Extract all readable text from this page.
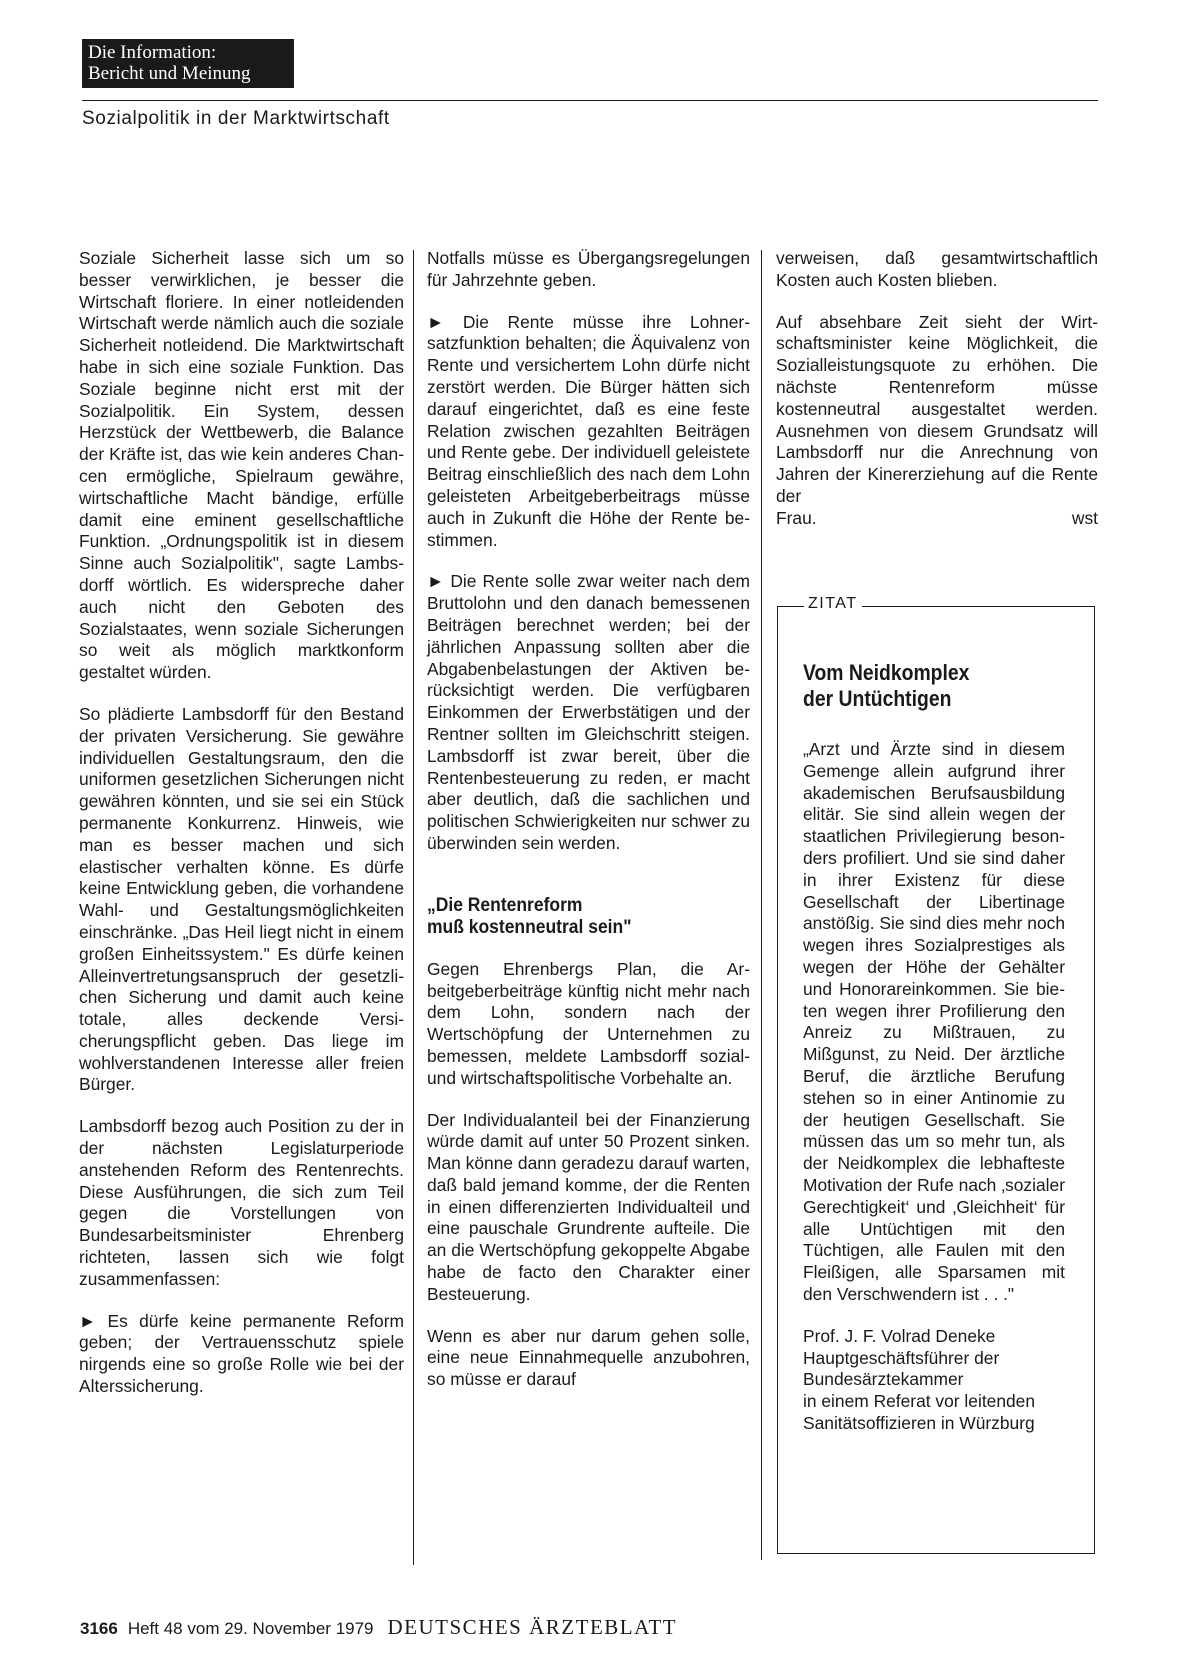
Die Information:
Bericht und Meinung
Sozialpolitik in der Marktwirtschaft

Soziale Sicherheit lasse sich um so besser verwirklichen, je besser die Wirtschaft floriere. In einer notleidenden Wirtschaft werde nämlich auch die soziale Sicherheit notleidend. Die Marktwirtschaft habe in sich eine soziale Funktion. Das Soziale beginne nicht erst mit der Sozialpolitik. Ein System, dessen Herzstück der Wettbewerb, die Balance der Kräfte ist, das wie kein anderes Chancen ermögliche, Spielraum gewähre, wirtschaftliche Macht bändige, erfülle damit eine eminent gesellschaftliche Funktion. „Ordnungspolitik ist in diesem Sinne auch Sozialpolitik", sagte Lambsdorff wörtlich. Es widerspreche daher auch nicht den Geboten des Sozialstaates, wenn soziale Sicherungen so weit als möglich marktkonform gestaltet würden.

So plädierte Lambsdorff für den Bestand der privaten Versicherung. Sie gewähre individuellen Gestaltungsraum, den die uniformen gesetzlichen Sicherungen nicht gewähren könnten, und sie sei ein Stück permanente Konkurrenz. Hinweis, wie man es besser machen und sich elastischer verhalten könne. Es dürfe keine Entwicklung geben, die vorhandene Wahl- und Gestaltungsmöglichkeiten einschränke. „Das Heil liegt nicht in einem großen Einheitssystem." Es dürfe keinen Alleinvertretungsanspruch der gesetzlichen Sicherung und damit auch keine totale, alles deckende Versicherungspflicht geben. Das liege im wohlverstandenen Interesse aller freien Bürger.

Lambsdorff bezog auch Position zu der in der nächsten Legislaturperiode anstehenden Reform des Rentenrechts. Diese Ausführungen, die sich zum Teil gegen die Vorstellungen von Bundesarbeitsminister Ehrenberg richteten, lassen sich wie folgt zusammenfassen:

► Es dürfe keine permanente Reform geben; der Vertrauensschutz spiele nirgends eine so große Rolle wie bei der Alterssicherung.

Notfalls müsse es Übergangsregelungen für Jahrzehnte geben.

► Die Rente müsse ihre Lohnersatzfunktion behalten; die Äquivalenz von Rente und versichertem Lohn dürfe nicht zerstört werden. Die Bürger hätten sich darauf eingerichtet, daß es eine feste Relation zwischen gezahlten Beiträgen und Rente gebe. Der individuell geleistete Beitrag einschließlich des nach dem Lohn geleisteten Arbeitgeberbeitrags müsse auch in Zukunft die Höhe der Rente bestimmen.

► Die Rente solle zwar weiter nach dem Bruttolohn und den danach bemessenen Beiträgen berechnet werden; bei der jährlichen Anpassung sollten aber die Abgabenbelastungen der Aktiven berücksichtigt werden. Die verfügbaren Einkommen der Erwerbstätigen und der Rentner sollten im Gleichschritt steigen. Lambsdorff ist zwar bereit, über die Rentenbesteuerung zu reden, er macht aber deutlich, daß die sachlichen und politischen Schwierigkeiten nur schwer zu überwinden sein werden.

„Die Rentenreform
muß kostenneutral sein"

Gegen Ehrenbergs Plan, die Arbeitgeberbeiträge künftig nicht mehr nach dem Lohn, sondern nach der Wertschöpfung der Unternehmen zu bemessen, meldete Lambsdorff sozial- und wirtschaftspolitische Vorbehalte an.

Der Individualanteil bei der Finanzierung würde damit auf unter 50 Prozent sinken. Man könne dann geradezu darauf warten, daß bald jemand komme, der die Renten in einen differenzierten Individualteil und eine pauschale Grundrente aufteile. Die an die Wertschöpfung gekoppelte Abgabe habe de facto den Charakter einer Besteuerung.

Wenn es aber nur darum gehen solle, eine neue Einnahmequelle anzubohren, so müsse er darauf

verweisen, daß gesamtwirtschaftlich Kosten auch Kosten blieben.

Auf absehbare Zeit sieht der Wirtschaftsminister keine Möglichkeit, die Sozialleistungsquote zu erhöhen. Die nächste Rentenreform müsse kostenneutral ausgestaltet werden. Ausnehmen von diesem Grundsatz will Lambsdorff nur die Anrechnung von Jahren der Kinererziehung auf die Rente der
Frau.	wst

ZITAT
Vom Neidkomplex
der Untüchtigen

„Arzt und Ärzte sind in diesem Gemenge allein aufgrund ihrer akademischen Berufsausbildung elitär. Sie sind allein wegen der staatlichen Privilegierung besonders profiliert. Und sie sind daher in ihrer Existenz für diese Gesellschaft der Libertinage anstößig. Sie sind dies mehr noch wegen ihres Sozialprestiges als wegen der Höhe der Gehälter und Honorareinkommen. Sie bieten wegen ihrer Profilierung den Anreiz zu Mißtrauen, zu Mißgunst, zu Neid. Der ärztliche Beruf, die ärztliche Berufung stehen so in einer Antinomie zu der heutigen Gesellschaft. Sie müssen das um so mehr tun, als der Neidkomplex die lebhafteste Motivation der Rufe nach ‚sozialer Gerechtigkeit‘ und ‚Gleichheit‘ für alle Untüchtigen mit den Tüchtigen, alle Faulen mit den Fleißigen, alle Sparsamen mit den Verschwendern ist . . ."

Prof. J. F. Volrad Deneke
Hauptgeschäftsführer der
Bundesärztekammer
in einem Referat vor leitenden Sanitätsoffizieren in Würzburg

3166 Heft 48 vom 29. November 1979 DEUTSCHES ÄRZTEBLATT
